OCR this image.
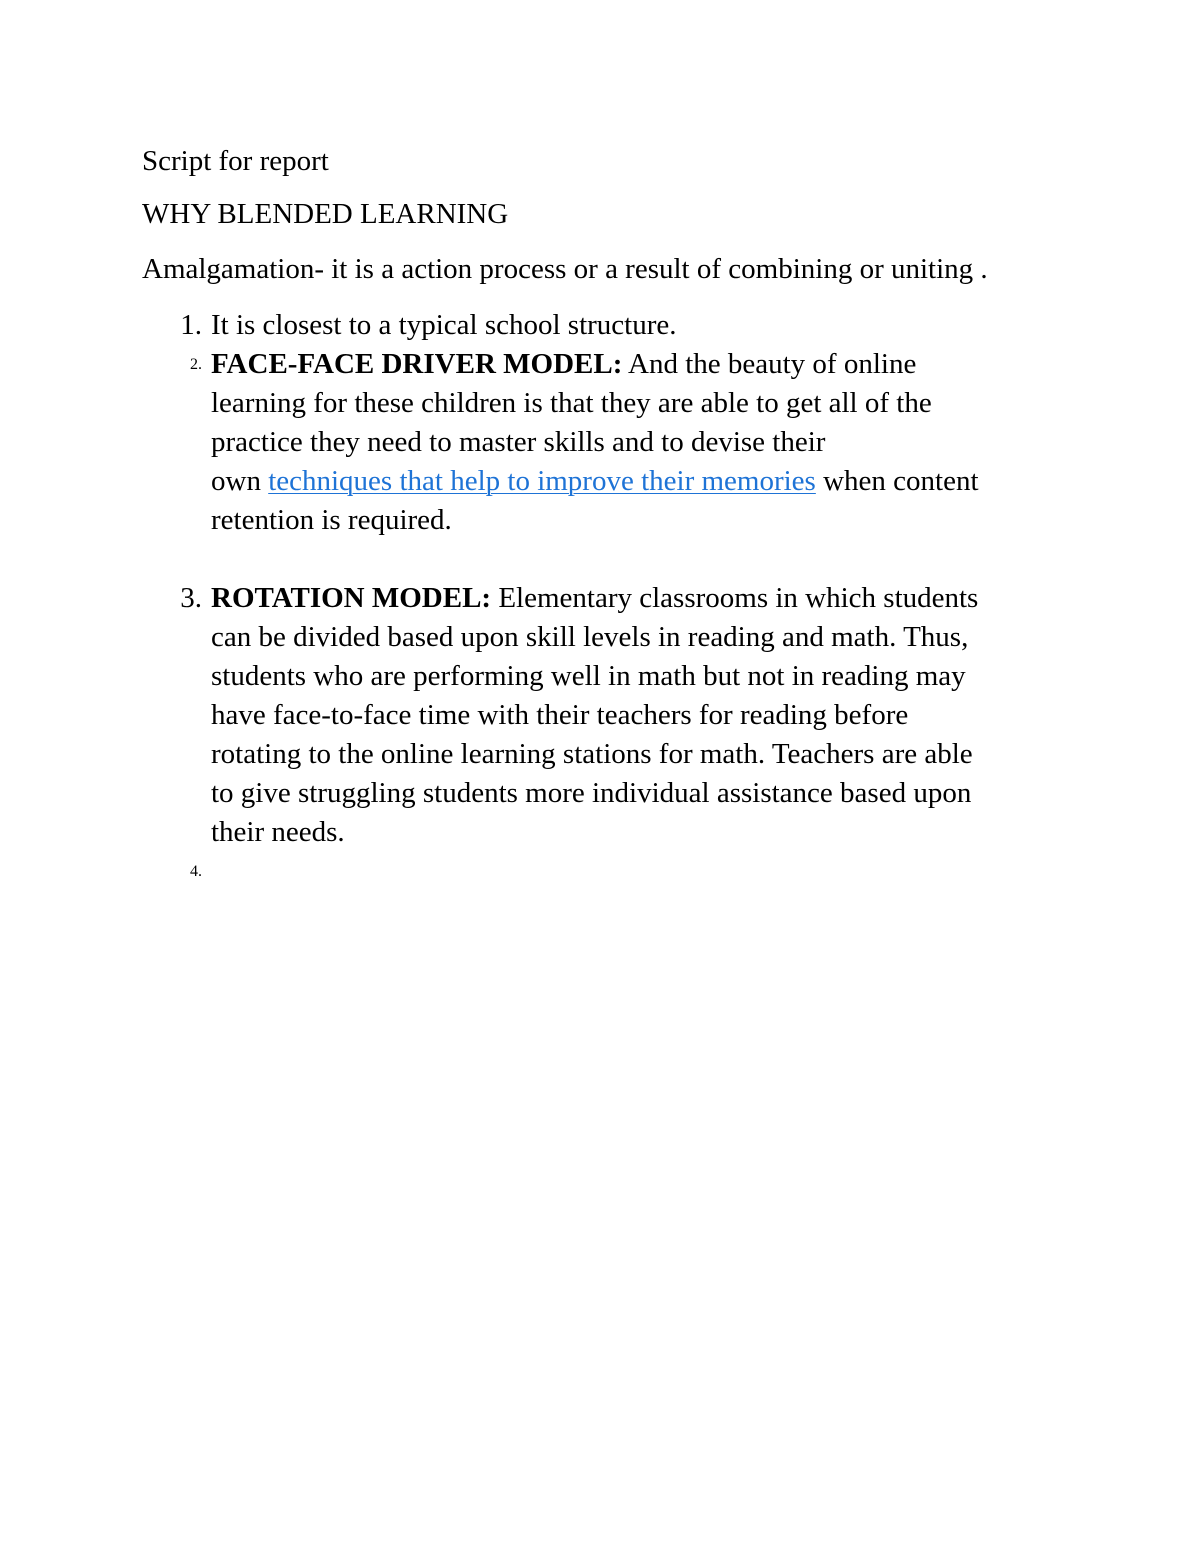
Script for report
WHY BLENDED LEARNING
Amalgamation- it is a action process or a result of combining or uniting .
1. It is closest to a typical school structure.
2. FACE-FACE DRIVER MODEL: And the beauty of online
learning for these children is that they are able to get all of the
practice they need to master skills and to devise their
own techniques that help to improve their memories when content
retention is required.
3. ROTATION MODEL: Elementary classrooms in which students
can be divided based upon skill levels in reading and math. Thus,
students who are performing well in math but not in reading may
have face-to-face time with their teachers for reading before
rotating to the online learning stations for math. Teachers are able
to give struggling students more individual assistance based upon
their needs.
4.
